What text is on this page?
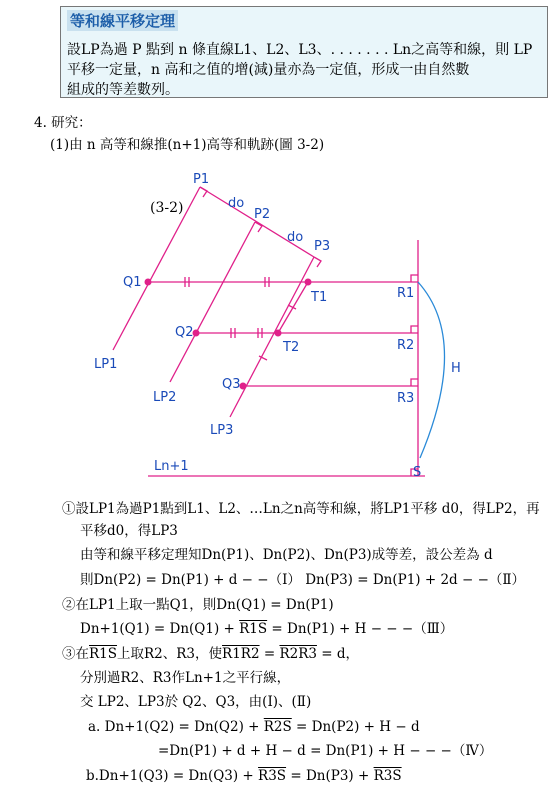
等和線平移定理
設LP為過 P 點到 n 條直線L1、L2、L3、. . . . . . . Ln之高等和線，則 LP
平移一定量，n 高和之值的增(減)量亦為一定值，形成一由自然數
組成的等差數列。
4. 研究：
(1)由 n 高等和線推(n+1)高等和軌跡(圖 3-2)
(3-2)
P1
do
P2
do
P3
Q1
T1	R1
Q2
T2	R2
Q3
R3
H
S
LP1
LP2
LP3
Ln+1
①設LP1為過P1點到L1、L2、…Ln之n高等和線，將LP1平移 d0，得LP2，再
平移d0，得LP3
由等和線平移定理知Dn(P1)、Dn(P2)、Dn(P3)成等差，設公差為 d
則Dn(P2) = Dn(P1) + d − −（Ⅰ） Dn(P3) = Dn(P1) + 2d − −（Ⅱ）
②在LP1上取一點Q1，則Dn(Q1) = Dn(P1)
Dn+1(Q1) = Dn(Q1) + R1S = Dn(P1) + H − − −（Ⅲ）
③在R1S上取R2、R3，使R1R2 = R2R3 = d，
分別過R2、R3作Ln+1之平行線，
交 LP2、LP3於 Q2、Q3，由(Ⅰ)、(Ⅱ)
a. Dn+1(Q2) = Dn(Q2) + R2S = Dn(P2) + H − d
=Dn(P1) + d + H − d = Dn(P1) + H − − −（Ⅳ）
b.Dn+1(Q3) = Dn(Q3) + R3S = Dn(P3) + R3S
